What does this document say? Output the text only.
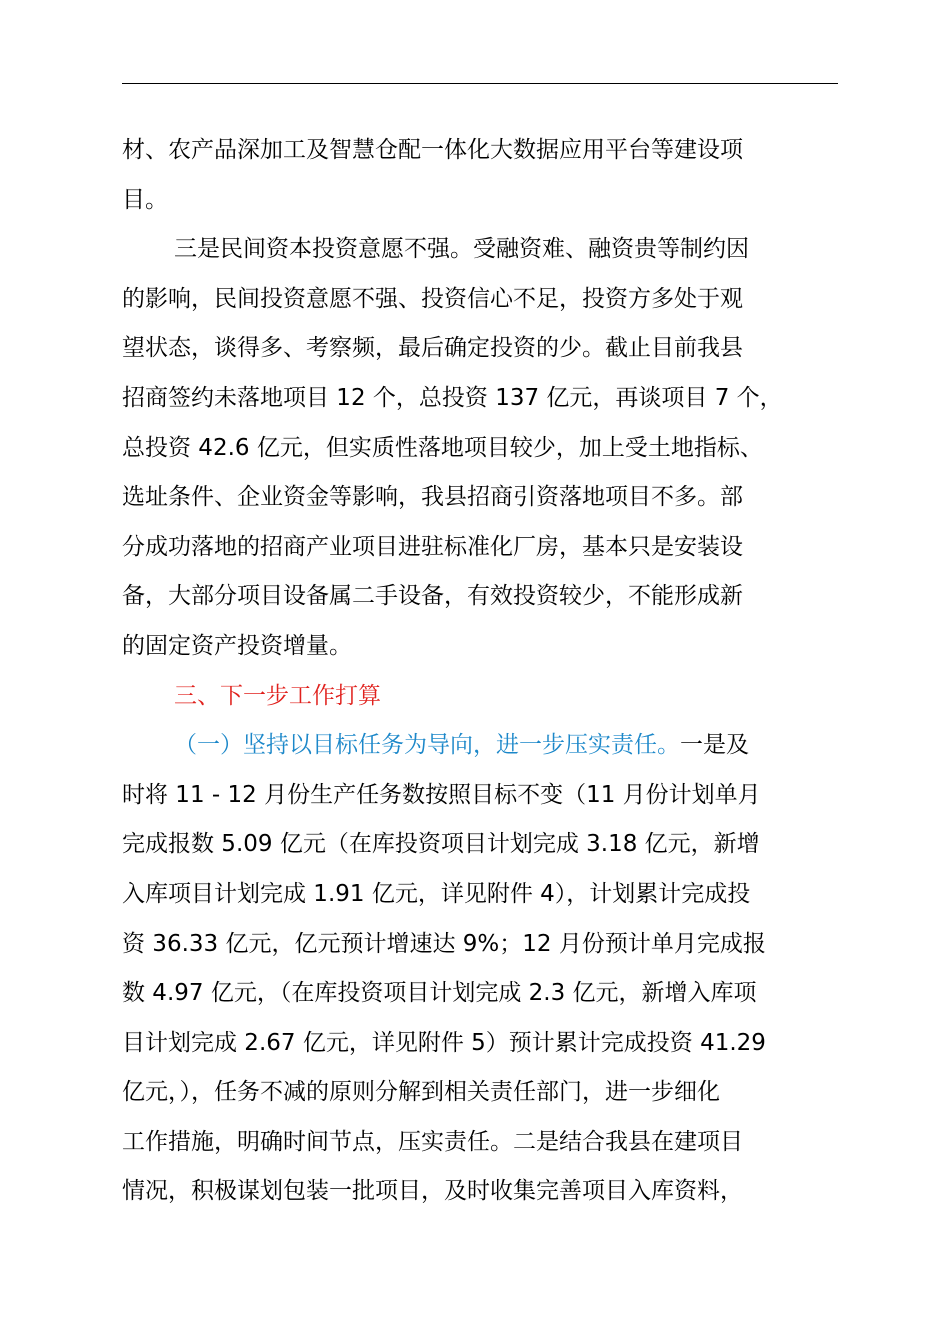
材、农产品深加工及智慧仓配一体化大数据应用平台等建设项
目。
三是民间资本投资意愿不强。受融资难、融资贵等制约因
的影响，民间投资意愿不强、投资信心不足，投资方多处于观
望状态，谈得多、考察频，最后确定投资的少。截止目前我县
招商签约未落地项目 12 个，总投资 137 亿元，再谈项目 7 个，
总投资 42.6 亿元，但实质性落地项目较少，加上受土地指标、
选址条件、企业资金等影响，我县招商引资落地项目不多。部
分成功落地的招商产业项目进驻标准化厂房，基本只是安装设
备，大部分项目设备属二手设备，有效投资较少，不能形成新
的固定资产投资增量。
三、下一步工作打算
（一）坚持以目标任务为导向，进一步压实责任。一是及
时将 11 - 12 月份生产任务数按照目标不变（11 月份计划单月
完成报数 5.09 亿元（在库投资项目计划完成 3.18 亿元，新增
入库项目计划完成 1.91 亿元，详见附件 4），计划累计完成投
资 36.33 亿元，亿元预计增速达 9%；12 月份预计单月完成报
数 4.97 亿元，（在库投资项目计划完成 2.3 亿元，新增入库项
目计划完成 2.67 亿元，详见附件 5）预计累计完成投资 41.29
亿元，），任务不减的原则分解到相关责任部门，进一步细化
工作措施，明确时间节点，压实责任。二是结合我县在建项目
情况，积极谋划包装一批项目，及时收集完善项目入库资料，
